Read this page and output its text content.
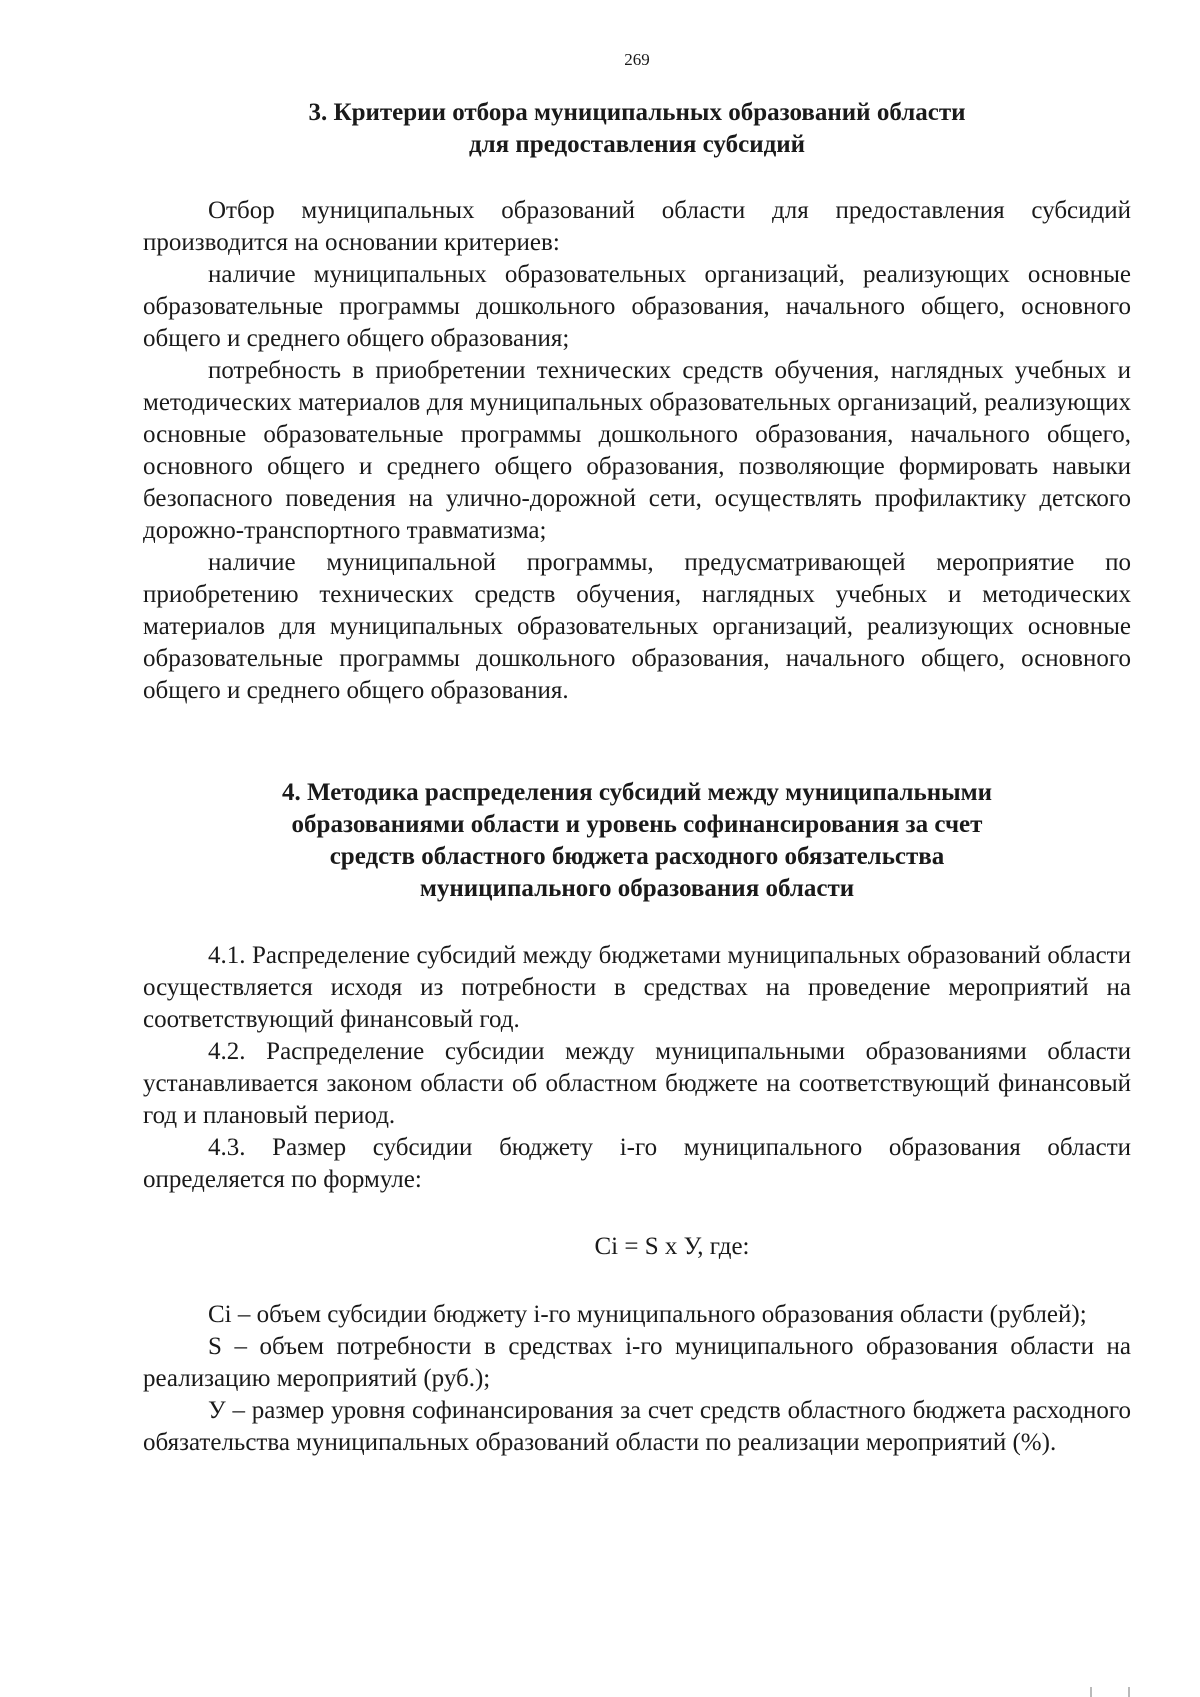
269

3. Критерии отбора муниципальных образований области
для предоставления субсидий

Отбор муниципальных образований области для предоставления субсидий производится на основании критериев:

наличие муниципальных образовательных организаций, реализующих основные образовательные программы дошкольного образования, начального общего, основного общего и среднего общего образования;

потребность в приобретении технических средств обучения, наглядных учебных и методических материалов для муниципальных образовательных организаций, реализующих основные образовательные программы дошкольного образования, начального общего, основного общего и среднего общего образования, позволяющие формировать навыки безопасного поведения на улично-дорожной сети, осуществлять профилактику детского дорожно-транспортного травматизма;

наличие муниципальной программы, предусматривающей мероприятие по приобретению технических средств обучения, наглядных учебных и методических материалов для муниципальных образовательных организаций, реализующих основные образовательные программы дошкольного образования, начального общего, основного общего и среднего общего образования.

4. Методика распределения субсидий между муниципальными
образованиями области и уровень софинансирования за счет
средств областного бюджета расходного обязательства
муниципального образования области

4.1. Распределение субсидий между бюджетами муниципальных образований области осуществляется исходя из потребности в средствах на проведение мероприятий на соответствующий финансовый год.

4.2. Распределение субсидии между муниципальными образованиями области устанавливается законом области об областном бюджете на соответствующий финансовый год и плановый период.

4.3. Размер субсидии бюджету i-го муниципального образования области определяется по формуле:

Ci = S x У, где:

Ci – объем субсидии бюджету i-го муниципального образования области (рублей);

S – объем потребности в средствах i-го муниципального образования области на реализацию мероприятий (руб.);

У – размер уровня софинансирования за счет средств областного бюджета расходного обязательства муниципальных образований области по реализации мероприятий (%).
